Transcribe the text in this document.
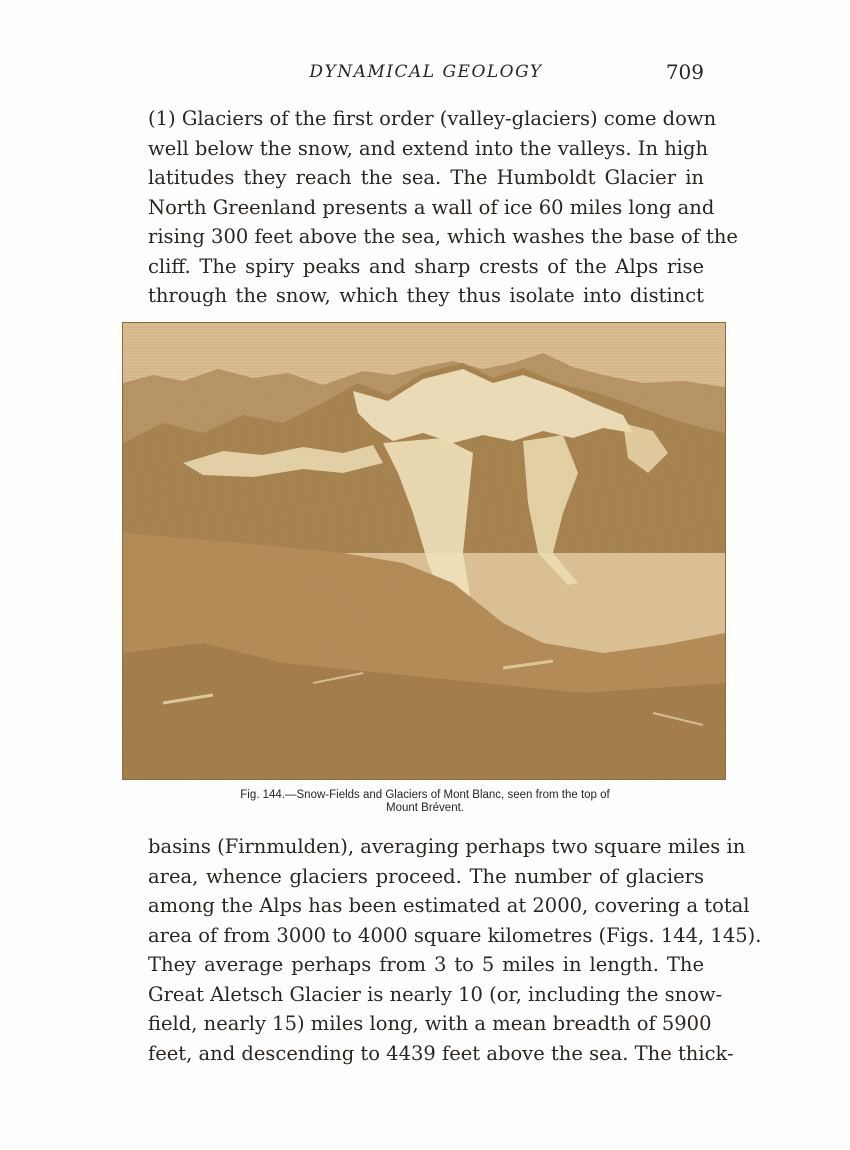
DYNAMICAL GEOLOGY	709
(1) Glaciers of the first order (valley-glaciers) come down
well below the snow, and extend into the valleys. In high
latitudes they reach the sea. The Humboldt Glacier in
North Greenland presents a wall of ice 60 miles long and
rising 300 feet above the sea, which washes the base of the
cliff. The spiry peaks and sharp crests of the Alps rise
through the snow, which they thus isolate into distinct
Fig. 144.—Snow-Fields and Glaciers of Mont Blanc, seen from the top of
Mount Brévent.
basins (Firnmulden), averaging perhaps two square miles in
area, whence glaciers proceed. The number of glaciers
among the Alps has been estimated at 2000, covering a total
area of from 3000 to 4000 square kilometres (Figs. 144, 145).
They average perhaps from 3 to 5 miles in length. The
Great Aletsch Glacier is nearly 10 (or, including the snow-
field, nearly 15) miles long, with a mean breadth of 5900
feet, and descending to 4439 feet above the sea. The thick-
